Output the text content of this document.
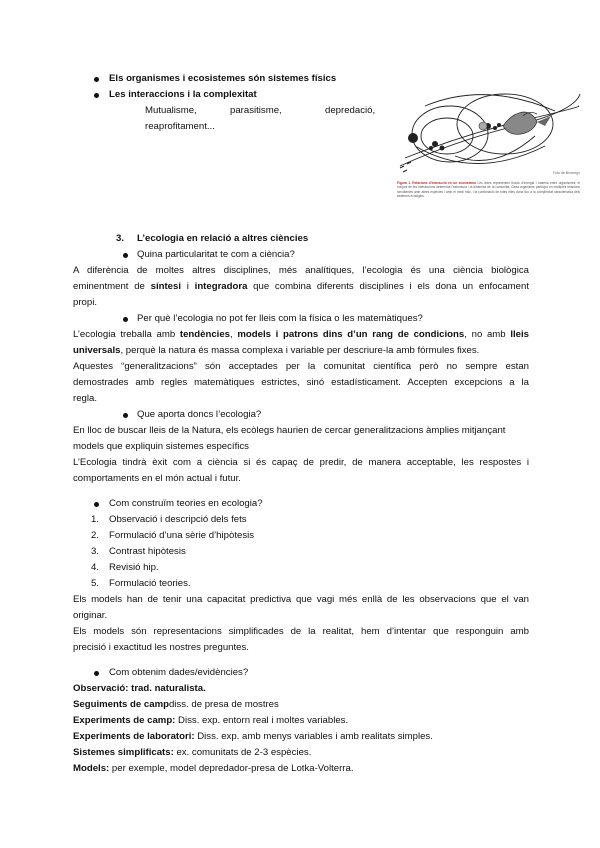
Els organismes i ecosistemes són sistemes físics
Les interaccions i la complexitat
Mutualisme,	parasitisme,	depredació,
reaprofitament...
Foto de Bromego
Figura 1. Relacions d’interacció en un ecosistema Les línies representen fluxos d’energia i matèria entre organismes; el conjunt de les interaccions determina l’estructura i la dinàmica de la comunitat. Cada organisme participa en múltiples relacions simultànies amb altres espècies i amb el medi físic, i la combinació de totes elles dona lloc a la complexitat característica dels sistemes ecològics.
3. L’ecologia en relació a altres ciències
Quina particularitat te com a ciència?
A diferència de moltes altres disciplines, més analítiques, l’ecologia és una ciència biològica
eminentment de síntesi i integradora que combina diferents disciplines i els dona un enfocament
propi.
Per què l’ecologia no pot fer lleis com la física o les matemàtiques?
L’ecologia treballa amb tendències, models i patrons dins d’un rang de condicions, no amb lleis
universals, perquè la natura és massa complexa i variable per descriure-la amb fórmules fixes.
Aquestes “generalitzacions” són acceptades per la comunitat científica però no sempre estan
demostrades amb regles matemàtiques estrictes, sinó estadísticament. Accepten excepcions a la
regla.
Que aporta doncs l’ecologia?
En lloc de buscar lleis de la Natura, els ecòlegs haurien de cercar generalitzacions àmplies mitjançant
models que expliquin sistemes específics
L’Ecologia tindrà èxit com a ciència si és capaç de predir, de manera acceptable, les respostes i
comportaments en el món actual i futur.
Com construïm teories en ecologia?
1. Observació i descripció dels fets
2. Formulació d’una sèrie d’hipòtesis
3. Contrast hipòtesis
4. Revisió hip.
5. Formulació teories.
Els models han de tenir una capacitat predictiva que vagi més enllà de les observacions que el van
originar.
Els models són representacions simplificades de la realitat, hem d’intentar que responguin amb
precisió i exactitud les nostres preguntes.
Com obtenim dades/evidències?
Observació: trad. naturalista.
Seguiments de campdiss. de presa de mostres
Experiments de camp: Diss. exp. entorn real i moltes variables.
Experiments de laboratori: Diss. exp. amb menys variables i amb realitats simples.
Sistemes simplificats: ex. comunitats de 2-3 espècies.
Models: per exemple, model depredador-presa de Lotka-Volterra.
